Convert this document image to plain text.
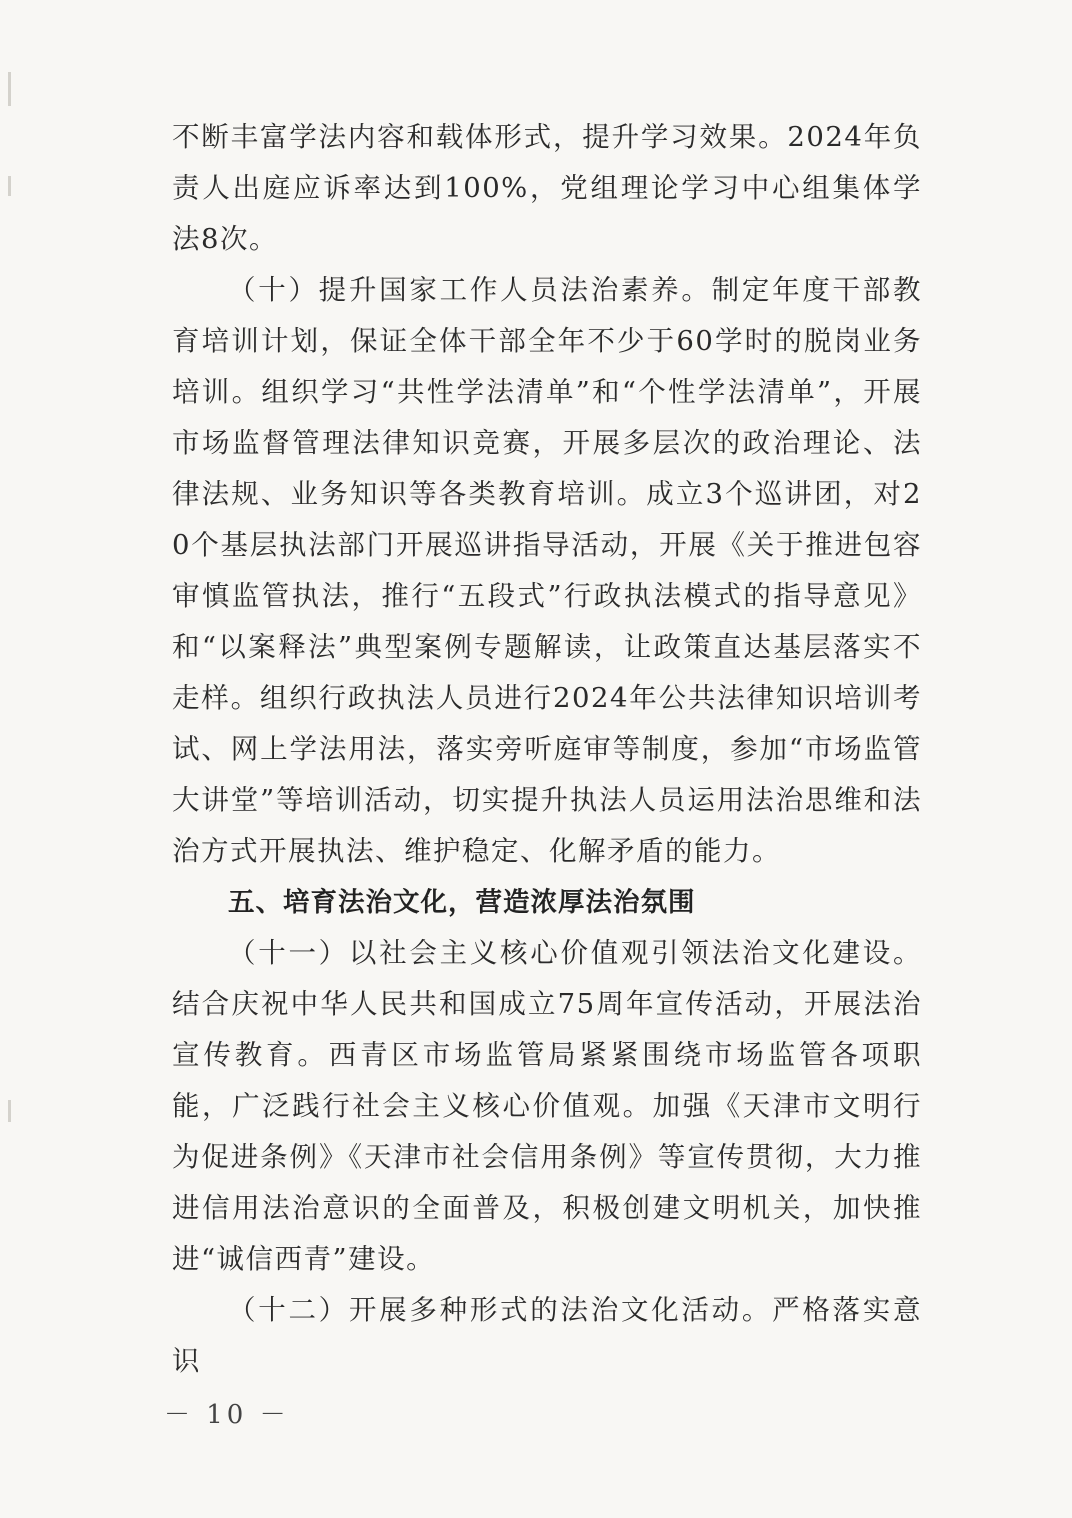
不断丰富学法内容和载体形式，提升学习效果。2024年负责人出庭应诉率达到100%，党组理论学习中心组集体学法8次。

（十）提升国家工作人员法治素养。制定年度干部教育培训计划，保证全体干部全年不少于60学时的脱岗业务培训。组织学习“共性学法清单”和“个性学法清单”，开展市场监督管理法律知识竞赛，开展多层次的政治理论、法律法规、业务知识等各类教育培训。成立3个巡讲团，对20个基层执法部门开展巡讲指导活动，开展《关于推进包容审慎监管执法，推行“五段式”行政执法模式的指导意见》和“以案释法”典型案例专题解读，让政策直达基层落实不走样。组织行政执法人员进行2024年公共法律知识培训考试、网上学法用法，落实旁听庭审等制度，参加“市场监管大讲堂”等培训活动，切实提升执法人员运用法治思维和法治方式开展执法、维护稳定、化解矛盾的能力。

五、培育法治文化，营造浓厚法治氛围

（十一）以社会主义核心价值观引领法治文化建设。结合庆祝中华人民共和国成立75周年宣传活动，开展法治宣传教育。西青区市场监管局紧紧围绕市场监管各项职能，广泛践行社会主义核心价值观。加强《天津市文明行为促进条例》《天津市社会信用条例》等宣传贯彻，大力推进信用法治意识的全面普及，积极创建文明机关，加快推进“诚信西青”建设。

（十二）开展多种形式的法治文化活动。严格落实意识

－ 10 －
